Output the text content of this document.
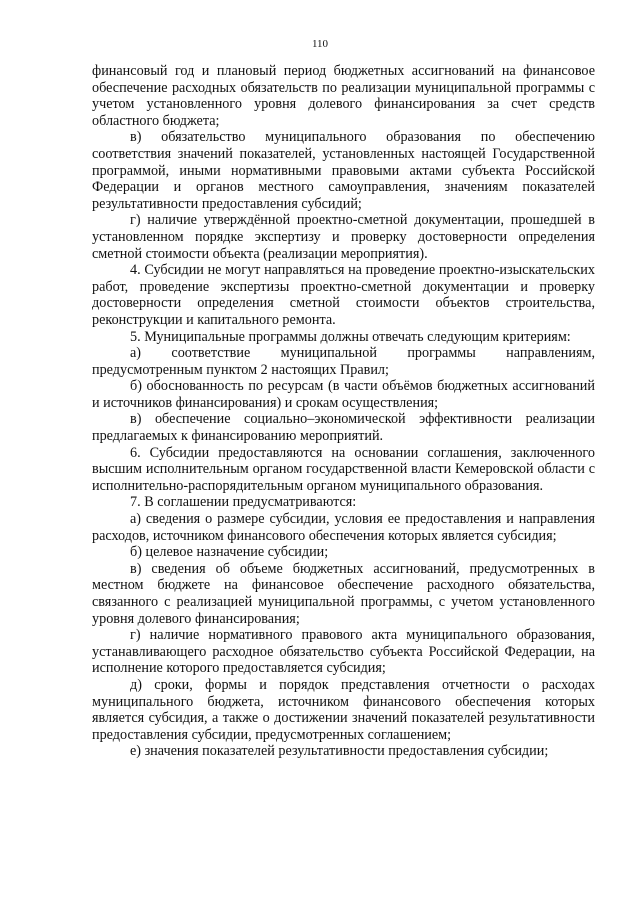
110

финансовый год и плановый период бюджетных ассигнований на финансовое обеспечение расходных обязательств по реализации муниципальной программы с учетом установленного уровня долевого финансирования за счет средств областного бюджета;

в) обязательство муниципального образования по обеспечению соответствия значений показателей, установленных настоящей Государственной программой, иными нормативными правовыми актами субъекта Российской Федерации и органов местного самоуправления, значениям показателей результативности предоставления субсидий;

г) наличие утверждённой проектно-сметной документации, прошедшей в установленном порядке экспертизу и проверку достоверности определения сметной стоимости объекта (реализации мероприятия).

4. Субсидии не могут направляться на проведение проектно-изыскательских работ, проведение экспертизы проектно-сметной документации и проверку достоверности определения сметной стоимости объектов строительства, реконструкции и капитального ремонта.

5. Муниципальные программы должны отвечать следующим критериям:

а) соответствие муниципальной программы направлениям, предусмотренным пунктом 2 настоящих Правил;

б) обоснованность по ресурсам (в части объёмов бюджетных ассигнований и источников финансирования) и срокам осуществления;

в) обеспечение социально–экономической эффективности реализации предлагаемых к финансированию мероприятий.

6. Субсидии предоставляются на основании соглашения, заключенного высшим исполнительным органом государственной власти Кемеровской области с исполнительно-распорядительным органом муниципального образования.

7. В соглашении предусматриваются:

а) сведения о размере субсидии, условия ее предоставления и направления расходов, источником финансового обеспечения которых является субсидия;

б) целевое назначение субсидии;

в) сведения об объеме бюджетных ассигнований, предусмотренных в местном бюджете на финансовое обеспечение расходного обязательства, связанного с реализацией муниципальной программы, с учетом установленного уровня долевого финансирования;

г) наличие нормативного правового акта муниципального образования, устанавливающего расходное обязательство субъекта Российской Федерации, на исполнение которого предоставляется субсидия;

д) сроки, формы и порядок представления отчетности о расходах муниципального бюджета, источником финансового обеспечения которых является субсидия, а также о достижении значений показателей результативности предоставления субсидии, предусмотренных соглашением;

е) значения показателей результативности предоставления субсидии;
